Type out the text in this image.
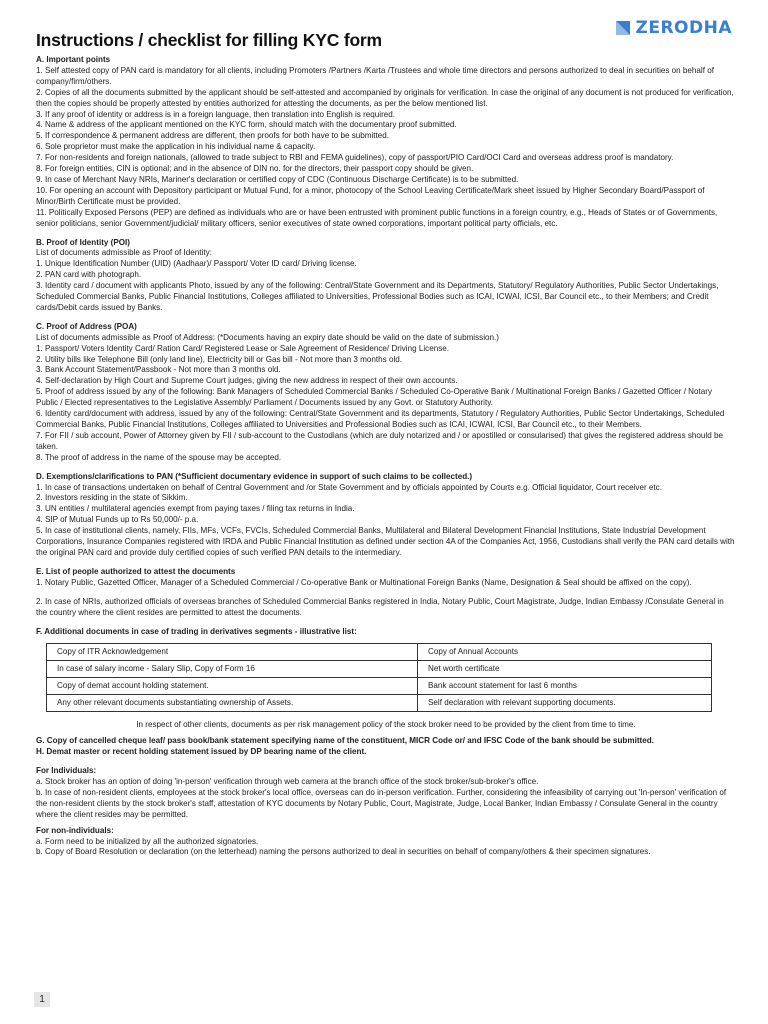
ZERODHA
Instructions / checklist for filling KYC form

A. Important points

1. Self attested copy of PAN card is mandatory for all clients, including Promoters /Partners /Karta /Trustees and whole time directors and persons authorized to deal in securities on behalf of company/firm/others.

2. Copies of all the documents submitted by the applicant should be self-attested and accompanied by originals for verification. In case the original of any document is not produced for verification, then the copies should be properly attested by entities authorized for attesting the documents, as per the below mentioned list.

3. If any proof of identity or address is in a foreign language, then translation into English is required.

4. Name & address of the applicant mentioned on the KYC form, should match with the documentary proof submitted.

5. If correspondence & permanent address are different, then proofs for both have to be submitted.

6. Sole proprietor must make the application in his individual name & capacity.

7. For non-residents and foreign nationals, (allowed to trade subject to RBI and FEMA guidelines), copy of passport/PIO Card/OCI Card and overseas address proof is mandatory.

8. For foreign entities, CIN is optional; and in the absence of DIN no. for the directors, their passport copy should be given.

9. In case of Merchant Navy NRIs, Mariner's declaration or certified copy of CDC (Continuous Discharge Certificate) is to be submitted.

10. For opening an account with Depository participant or Mutual Fund, for a minor, photocopy of the School Leaving Certificate/Mark sheet issued by Higher Secondary Board/Passport of Minor/Birth Certificate must be provided.

11. Politically Exposed Persons (PEP) are defined as individuals who are or have been entrusted with prominent public functions in a foreign country, e.g., Heads of States or of Governments, senior politicians, senior Government/judicial/ military officers, senior executives of state owned corporations, important political party officials, etc.

B. Proof of Identity (POI)

List of documents admissible as Proof of Identity:

1. Unique Identification Number (UID) (Aadhaar)/ Passport/ Voter ID card/ Driving license.

2. PAN card with photograph.

3. Identity card / document with applicants Photo, issued by any of the following: Central/State Government and its Departments, Statutory/ Regulatory Authorities, Public Sector Undertakings, Scheduled Commercial Banks, Public Financial Institutions, Colleges affiliated to Universities, Professional Bodies such as ICAI, ICWAI, ICSI, Bar Council etc., to their Members; and Credit cards/Debit cards issued by Banks.

C. Proof of Address (POA)

List of documents admissible as Proof of Address: (*Documents having an expiry date should be valid on the date of submission.)

1. Passport/ Voters Identity Card/ Ration Card/ Registered Lease or Sale Agreement of Residence/ Driving License.

2. Utility bills like Telephone Bill (only land line), Electricity bill or Gas bill - Not more than 3 months old.

3. Bank Account Statement/Passbook - Not more than 3 months old.

4. Self-declaration by High Court and Supreme Court judges, giving the new address in respect of their own accounts.

5. Proof of address issued by any of the following: Bank Managers of Scheduled Commercial Banks / Scheduled Co-Operative Bank / Multinational Foreign Banks / Gazetted Officer / Notary Public / Elected representatives to the Legislative Assembly/ Parliament / Documents issued by any Govt. or Statutory Authority.

6. Identity card/document with address, issued by any of the following: Central/State Government and its departments, Statutory / Regulatory Authorities, Public Sector Undertakings, Scheduled Commercial Banks, Public Financial Institutions, Colleges affiliated to Universities and Professional Bodies such as ICAI, ICWAI, ICSI, Bar Council etc., to their Members.

7. For FII / sub account, Power of Attorney given by FII / sub-account to the Custodians (which are duly notarized and / or apostilled or consularised) that gives the registered address should be taken.

8. The proof of address in the name of the spouse may be accepted.

D. Exemptions/clarifications to PAN (*Sufficient documentary evidence in support of such claims to be collected.)

1. In case of transactions undertaken on behalf of Central Government and /or State Government and by officials appointed by Courts e.g. Official liquidator, Court receiver etc.

2. Investors residing in the state of Sikkim.

3. UN entities / multilateral agencies exempt from paying taxes / filing tax returns in India.

4. SIP of Mutual Funds up to Rs 50,000/- p.a.

5. In case of institutional clients, namely, FIIs, MFs, VCFs, FVCIs, Scheduled Commercial Banks, Multilateral and Bilateral Development Financial Institutions, State Industrial Development Corporations, Insurance Companies registered with IRDA and Public Financial Institution as defined under section 4A of the Companies Act, 1956, Custodians shall verify the PAN card details with the original PAN card and provide duly certified copies of such verified PAN details to the intermediary.

E. List of people authorized to attest the documents

1. Notary Public, Gazetted Officer, Manager of a Scheduled Commercial / Co-operative Bank or Multinational Foreign Banks (Name, Designation & Seal should be affixed on the copy).

2. In case of NRIs, authorized officials of overseas branches of Scheduled Commercial Banks registered in India, Notary Public, Court Magistrate, Judge, Indian Embassy /Consulate General in the country where the client resides are permitted to attest the documents.

F. Additional documents in case of trading in derivatives segments - illustrative list:

Copy of ITR Acknowledgement	Copy of Annual Accounts
In case of salary income - Salary Slip, Copy of Form 16	Net worth certificate
Copy of demat account holding statement.	Bank account statement for last 6 months
Any other relevant documents substantiating ownership of Assets.	Self declaration with relevant supporting documents.

In respect of other clients, documents as per risk management policy of the stock broker need to be provided by the client from time to time.

G. Copy of cancelled cheque leaf/ pass book/bank statement specifying name of the constituent, MICR Code or/ and IFSC Code of the bank should be submitted.

H. Demat master or recent holding statement issued by DP bearing name of the client.

For Individuals:

a. Stock broker has an option of doing 'in-person' verification through web camera at the branch office of the stock broker/sub-broker's office.

b. In case of non-resident clients, employees at the stock broker's local office, overseas can do in-person verification. Further, considering the infeasibility of carrying out 'In-person' verification of the non-resident clients by the stock broker's staff, attestation of KYC documents by Notary Public, Court, Magistrate, Judge, Local Banker, Indian Embassy / Consulate General in the country where the client resides may be permitted.

For non-individuals:

a. Form need to be initialized by all the authorized signatories.

b. Copy of Board Resolution or declaration (on the letterhead) naming the persons authorized to deal in securities on behalf of company/others & their specimen signatures.

1
